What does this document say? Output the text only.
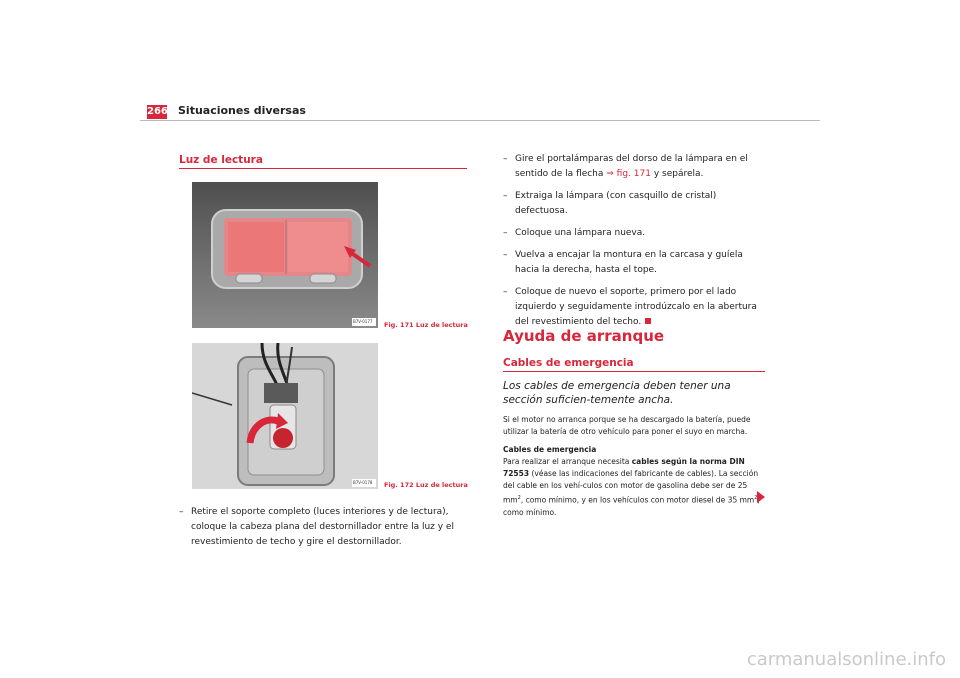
266 Situaciones diversas
Luz de lectura
B7V-0177 Fig. 171 Luz de lectura
B7V-0178 Fig. 172 Luz de lectura
– Retire el soporte completo (luces interiores y de lectura), coloque la cabeza plana del destornillador entre la luz y el revestimiento de techo y gire el destornillador.
– Gire el portalámparas del dorso de la lámpara en el sentido de la flecha ⇒ fig. 171 y sepárela.
– Extraiga la lámpara (con casquillo de cristal) defectuosa.
– Coloque una lámpara nueva.
– Vuelva a encajar la montura en la carcasa y guíela hacia la derecha, hasta el tope.
– Coloque de nuevo el soporte, primero por el lado izquierdo y seguidamente introdúzcalo en la abertura del revestimiento del techo.
Ayuda de arranque
Cables de emergencia
Los cables de emergencia deben tener una sección suficien-temente ancha.
Si el motor no arranca porque se ha descargado la batería, puede utilizar la batería de otro vehículo para poner el suyo en marcha.
Cables de emergencia
Para realizar el arranque necesita cables según la norma DIN 72553 (véase las indicaciones del fabricante de cables). La sección del cable en los vehí-culos con motor de gasolina debe ser de 25 $mm^2$, como mínimo, y en los vehículos con motor diesel de 35 $mm^2$, como mínimo.
carmanualsonline.info
